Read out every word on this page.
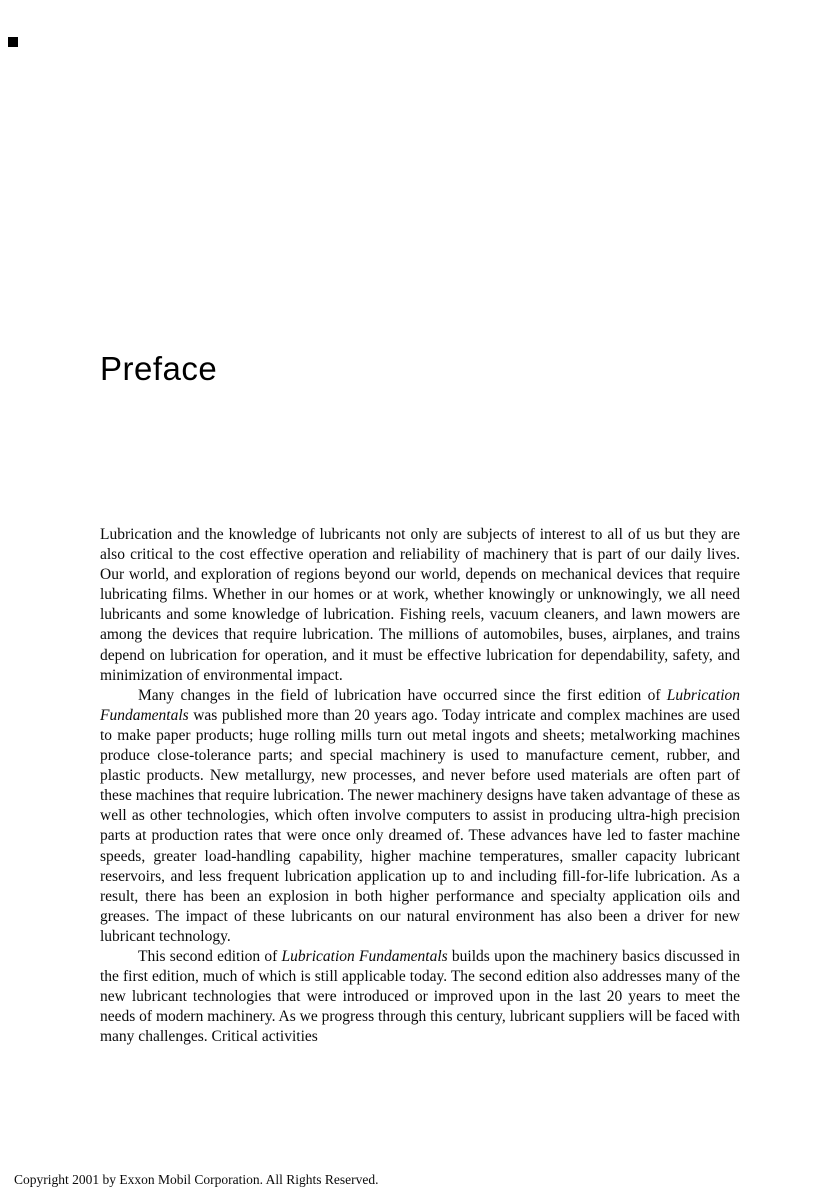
Preface

Lubrication and the knowledge of lubricants not only are subjects of interest to all of us but they are also critical to the cost effective operation and reliability of machinery that is part of our daily lives. Our world, and exploration of regions beyond our world, depends on mechanical devices that require lubricating films. Whether in our homes or at work, whether knowingly or unknowingly, we all need lubricants and some knowledge of lubrication. Fishing reels, vacuum cleaners, and lawn mowers are among the devices that require lubrication. The millions of automobiles, buses, airplanes, and trains depend on lubrication for operation, and it must be effective lubrication for dependability, safety, and minimization of environmental impact.

Many changes in the field of lubrication have occurred since the first edition of Lubrication Fundamentals was published more than 20 years ago. Today intricate and complex machines are used to make paper products; huge rolling mills turn out metal ingots and sheets; metalworking machines produce close-tolerance parts; and special machinery is used to manufacture cement, rubber, and plastic products. New metallurgy, new processes, and never before used materials are often part of these machines that require lubrication. The newer machinery designs have taken advantage of these as well as other technologies, which often involve computers to assist in producing ultra-high precision parts at production rates that were once only dreamed of. These advances have led to faster machine speeds, greater load-handling capability, higher machine temperatures, smaller capacity lubricant reservoirs, and less frequent lubrication application up to and including fill-for-life lubrication. As a result, there has been an explosion in both higher performance and specialty application oils and greases. The impact of these lubricants on our natural environment has also been a driver for new lubricant technology.

This second edition of Lubrication Fundamentals builds upon the machinery basics discussed in the first edition, much of which is still applicable today. The second edition also addresses many of the new lubricant technologies that were introduced or improved upon in the last 20 years to meet the needs of modern machinery. As we progress through this century, lubricant suppliers will be faced with many challenges. Critical activities

Copyright 2001 by Exxon Mobil Corporation. All Rights Reserved.
